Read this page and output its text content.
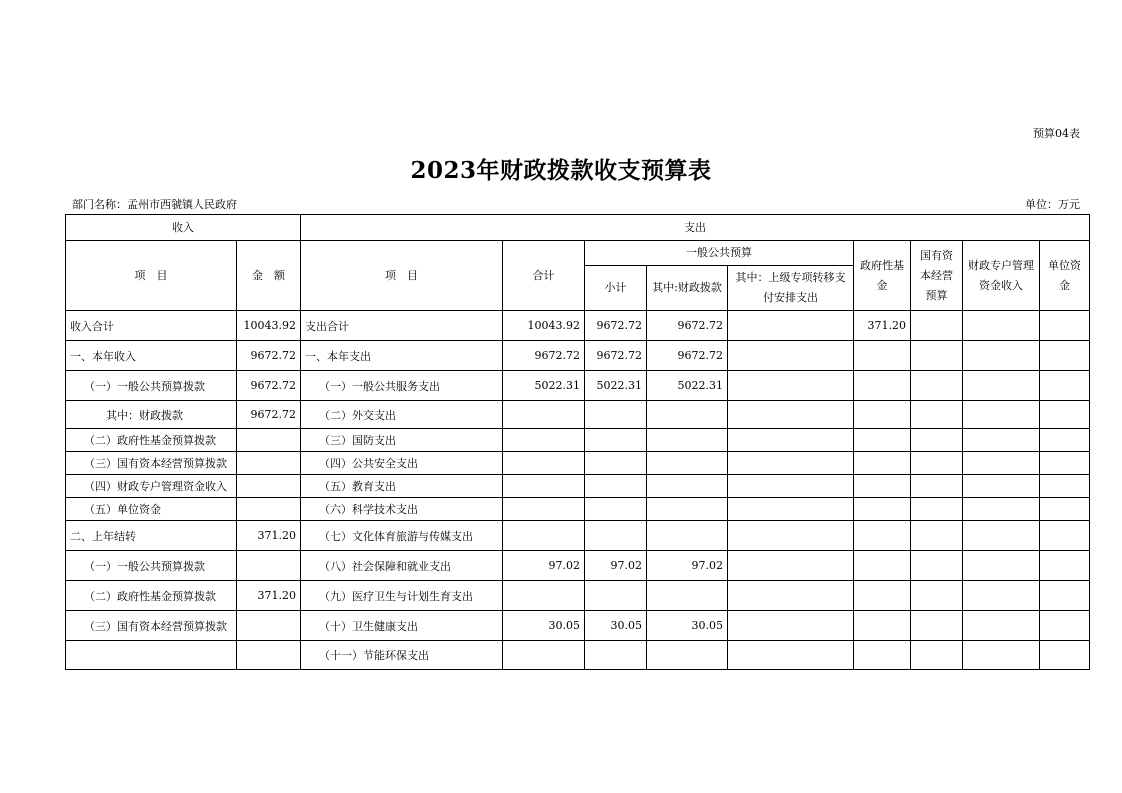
预算04表
2023年财政拨款收支预算表
部门名称：孟州市西虢镇人民政府	单位：万元
收入		支出								
项　目	金　额	项　目	合计	一般公共预算			政府性基金	国有资本经营预算	财政专户管理资金收入	单位资金
				小计	其中:财政拨款	其中：上级专项转移支付安排支出				
收入合计	10043.92	支出合计	10043.92	9672.72	9672.72		371.20			
一、本年收入	9672.72	一、本年支出	9672.72	9672.72	9672.72					
（一）一般公共预算拨款	9672.72	（一）一般公共服务支出	5022.31	5022.31	5022.31					
其中：财政拨款	9672.72	（二）外交支出								
（二）政府性基金预算拨款		（三）国防支出								
（三）国有资本经营预算拨款		（四）公共安全支出								
（四）财政专户管理资金收入		（五）教育支出								
（五）单位资金		（六）科学技术支出								
二、上年结转	371.20	（七）文化体育旅游与传媒支出								
（一）一般公共预算拨款		（八）社会保障和就业支出	97.02	97.02	97.02					
（二）政府性基金预算拨款	371.20	（九）医疗卫生与计划生育支出								
（三）国有资本经营预算拨款		（十）卫生健康支出	30.05	30.05	30.05					
		（十一）节能环保支出								
